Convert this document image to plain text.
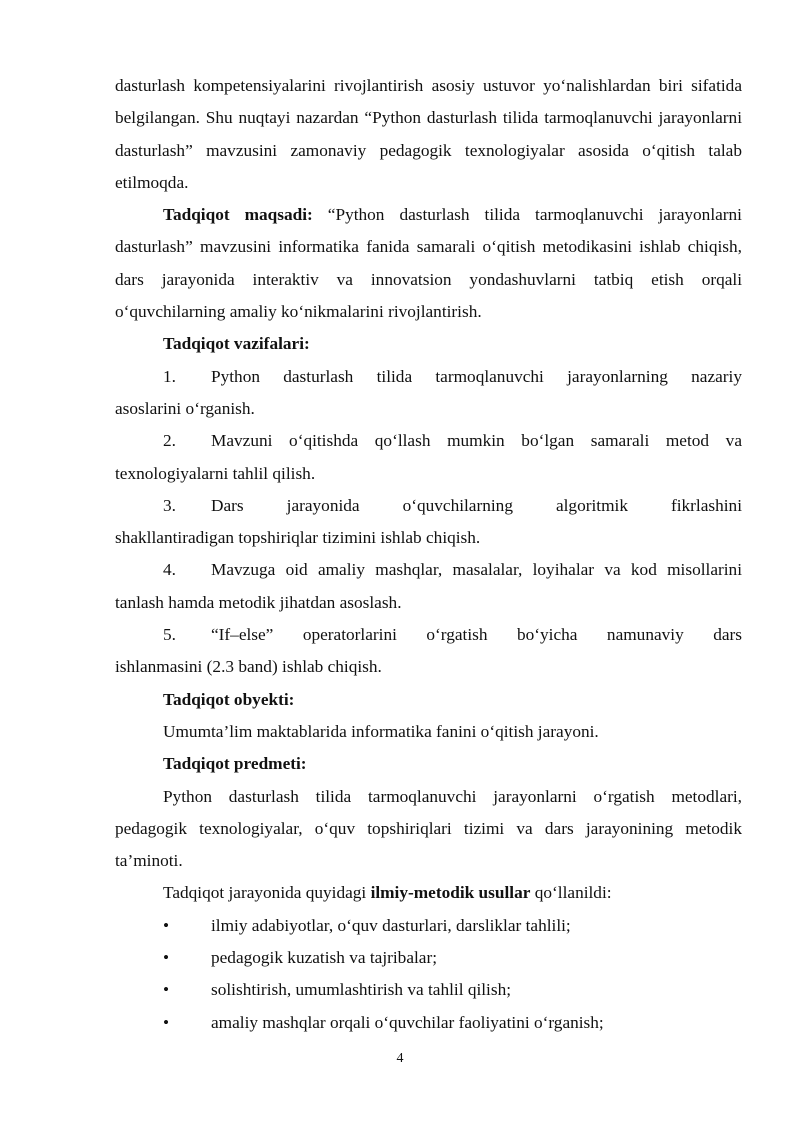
dasturlash kompetensiyalarini rivojlantirish asosiy ustuvor yo‘nalishlardan biri sifatida belgilangan. Shu nuqtayi nazardan “Python dasturlash tilida tarmoqlanuvchi jarayonlarni dasturlash” mavzusini zamonaviy pedagogik texnologiyalar asosida o‘qitish talab etilmoqda.

Tadqiqot maqsadi: “Python dasturlash tilida tarmoqlanuvchi jarayonlarni dasturlash” mavzusini informatika fanida samarali o‘qitish metodikasini ishlab chiqish, dars jarayonida interaktiv va innovatsion yondashuvlarni tatbiq etish orqali o‘quvchilarning amaliy ko‘nikmalarini rivojlantirish.

Tadqiqot vazifalari:

1.	Python dasturlash tilida tarmoqlanuvchi jarayonlarning nazariy
asoslarini o‘rganish.
2.	Mavzuni o‘qitishda qo‘llash mumkin bo‘lgan samarali metod va
texnologiyalarni tahlil qilish.
3.	Dars jarayonida o‘quvchilarning algoritmik fikrlashini
shakllantiradigan topshiriqlar tizimini ishlab chiqish.
4.	Mavzuga oid amaliy mashqlar, masalalar, loyihalar va kod misollarini
tanlash hamda metodik jihatdan asoslash.
5.	“If–else” operatorlarini o‘rgatish bo‘yicha namunaviy dars
ishlanmasini (2.3 band) ishlab chiqish.

Tadqiqot obyekti:

Umumta’lim maktablarida informatika fanini o‘qitish jarayoni.

Tadqiqot predmeti:

Python dasturlash tilida tarmoqlanuvchi jarayonlarni o‘rgatish metodlari, pedagogik texnologiyalar, o‘quv topshiriqlari tizimi va dars jarayonining metodik ta’minoti.

Tadqiqot jarayonida quyidagi ilmiy-metodik usullar qo‘llanildi:

•	ilmiy adabiyotlar, o‘quv dasturlari, darsliklar tahlili;
•	pedagogik kuzatish va tajribalar;
•	solishtirish, umumlashtirish va tahlil qilish;
•	amaliy mashqlar orqali o‘quvchilar faoliyatini o‘rganish;
4
